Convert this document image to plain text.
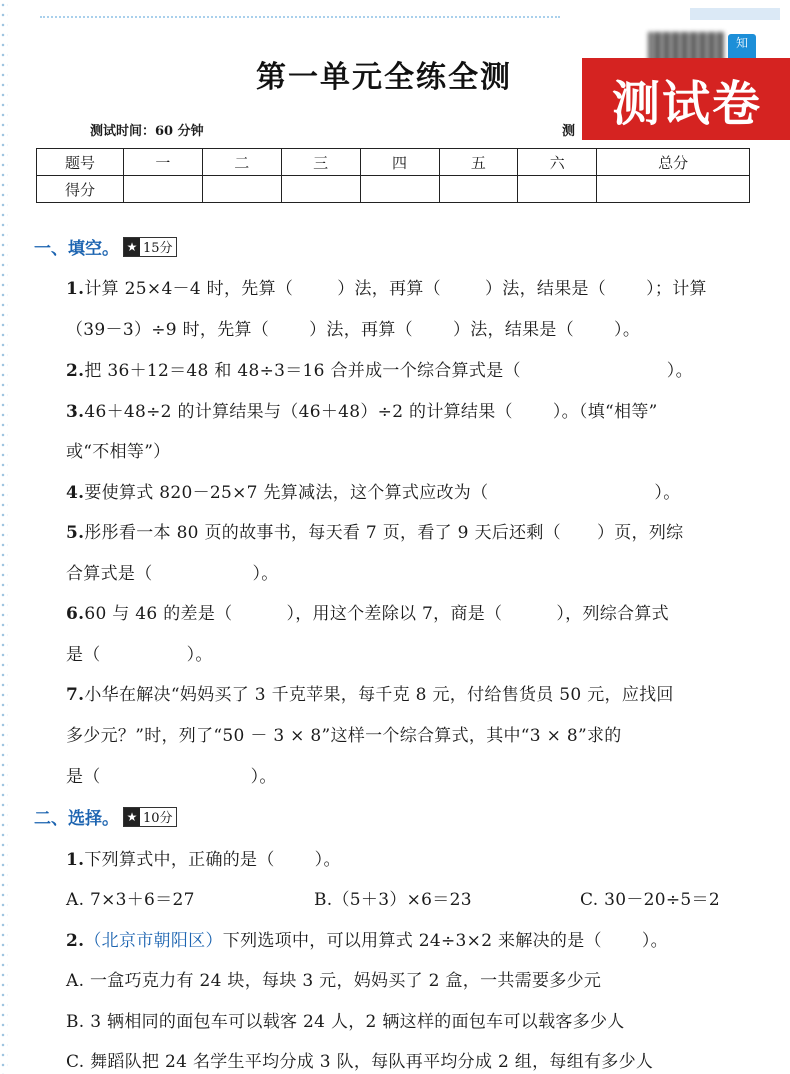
第一单元全练全测
知
测试卷
测试时间：60 分钟	测
题号	一	二	三	四	五	六	总分
得分							
一、填空。 ★ 15分
1.计算 25×4－4 时，先算（	）法，再算（	）法，结果是（ ）；计算
（39－3）÷9 时，先算（ ）法，再算（ ）法，结果是（ ）。
2.把 36＋12＝48 和 48÷3＝16 合并成一个综合算式是（	）。
3.46＋48÷2 的计算结果与（46＋48）÷2 的计算结果（ ）。（填“相等”
或“不相等”）
4.要使算式 820－25×7 先算减法，这个算式应改为（	）。
5.彤彤看一本 80 页的故事书，每天看 7 页，看了 9 天后还剩（ ）页，列综
合算式是（	）。
6.60 与 46 的差是（	），用这个差除以 7，商是（	），列综合算式
是（	）。
7.小华在解决“妈妈买了 3 千克苹果，每千克 8 元，付给售货员 50 元，应找回
多少元？”时，列了“50 － 3 × 8”这样一个综合算式，其中“3 × 8”求的
是（	）。
二、选择。 ★ 10分
1.下列算式中，正确的是（ ）。
A. 7×3＋6＝27	B.（5＋3）×6＝23	C. 30－20÷5＝2
2.（北京市朝阳区）下列选项中，可以用算式 24÷3×2 来解决的是（ ）。
A. 一盒巧克力有 24 块，每块 3 元，妈妈买了 2 盒，一共需要多少元
B. 3 辆相同的面包车可以载客 24 人，2 辆这样的面包车可以载客多少人
C. 舞蹈队把 24 名学生平均分成 3 队，每队再平均分成 2 组，每组有多少人
